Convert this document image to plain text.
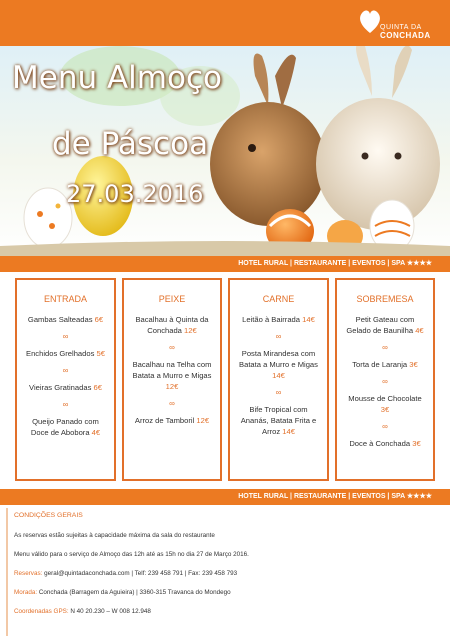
QUINTA DA
CONCHADA
Menu Almoço
de Páscoa
27.03.2016
HOTEL RURAL | RESTAURANTE | EVENTOS | SPA ★★★★
ENTRADA
Gambas Salteadas 6€
∞
Enchidos Grelhados 5€
∞
Vieiras Gratinadas 6€
∞
Queijo Panado com Doce de Abobora 4€
PEIXE
Bacalhau à Quinta da Conchada 12€
∞
Bacalhau na Telha com Batata a Murro e Migas 12€
∞
Arroz de Tamboril 12€
CARNE
Leitão à Bairrada 14€
∞
Posta Mirandesa com Batata a Murro e Migas 14€
∞
Bife Tropical com Ananás, Batata Frita e Arroz 14€
SOBREMESA
Petit Gateau com Gelado de Baunilha 4€
∞
Torta de Laranja 3€
∞
Mousse de Chocolate 3€
∞
Doce à Conchada 3€
HOTEL RURAL | RESTAURANTE | EVENTOS | SPA ★★★★
CONDIÇÕES GERAIS
As reservas estão sujeitas à capacidade máxima da sala do restaurante
Menu válido para o serviço de Almoço das 12h até as 15h no dia 27 de Março 2016.
Reservas: geral@quintadaconchada.com | Telf: 239 458 791 | Fax: 239 458 793
Morada: Conchada (Barragem da Aguieira) | 3360-315 Travanca do Mondego
Coordenadas GPS: N 40 20.230 – W 008 12.948
